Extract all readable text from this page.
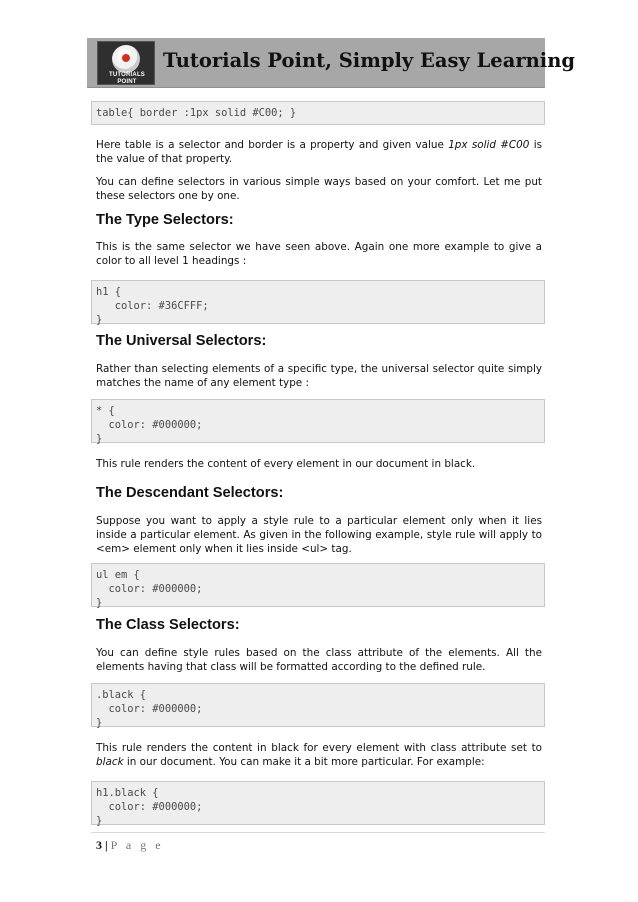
TUTORIALS POINT
Tutorials Point, Simply Easy Learning
table{ border :1px solid #C00; }
Here table is a selector and border is a property and given value 1px solid #C00 is the value of that property.
You can define selectors in various simple ways based on your comfort. Let me put these selectors one by one.
The Type Selectors:
This is the same selector we have seen above. Again one more example to give a color to all level 1 headings :
h1 {
color: #36CFFF;
}
The Universal Selectors:
Rather than selecting elements of a specific type, the universal selector quite simply matches the name of any element type :
* {
color: #000000;
}
This rule renders the content of every element in our document in black.
The Descendant Selectors:
Suppose you want to apply a style rule to a particular element only when it lies inside a particular element. As given in the following example, style rule will apply to <em> element only when it lies inside <ul> tag.
ul em {
color: #000000;
}
The Class Selectors:
You can define style rules based on the class attribute of the elements. All the elements having that class will be formatted according to the defined rule.
.black {
color: #000000;
}
This rule renders the content in black for every element with class attribute set to black in our document. You can make it a bit more particular. For example:
h1.black {
color: #000000;
}
3 | P a g e
